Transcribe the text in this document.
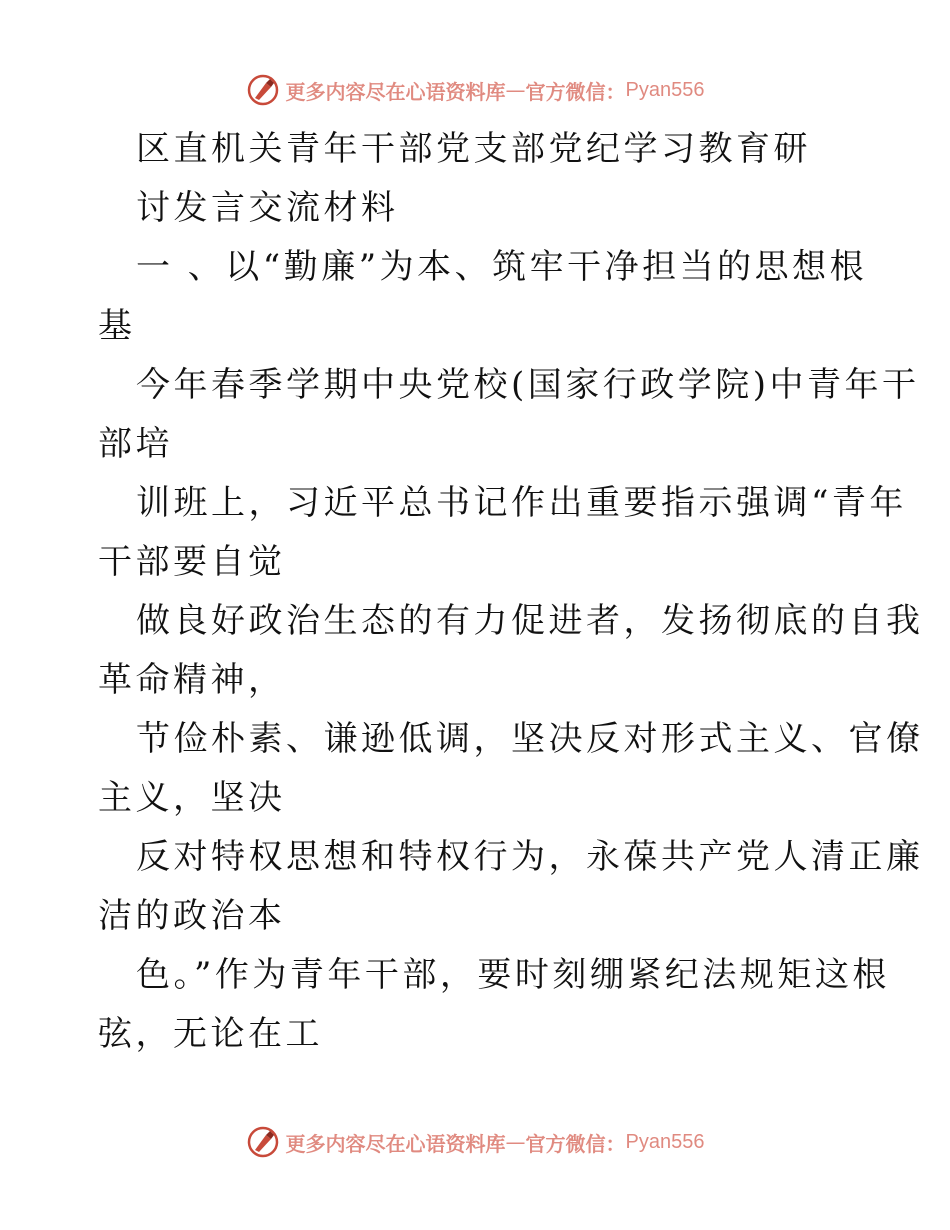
更多内容尽在心语资料库 — 官方微信： Pyan556
区直机关青年干部党支部党纪学习教育研
讨发言交流材料
一 、以“勤廉”为本、筑牢干净担当的思想根
基
今年春季学期中央党校(国家行政学院)中青年干
部培
训班上，习近平总书记作出重要指示强调“青年
干部要自觉
做良好政治生态的有力促进者，发扬彻底的自我
革命精神，
节俭朴素、谦逊低调，坚决反对形式主义、官僚
主义，坚决
反对特权思想和特权行为，永葆共产党人清正廉
洁的政治本
色。”作为青年干部，要时刻绷紧纪法规矩这根
弦，无论在工
更多内容尽在心语资料库 — 官方微信： Pyan556
